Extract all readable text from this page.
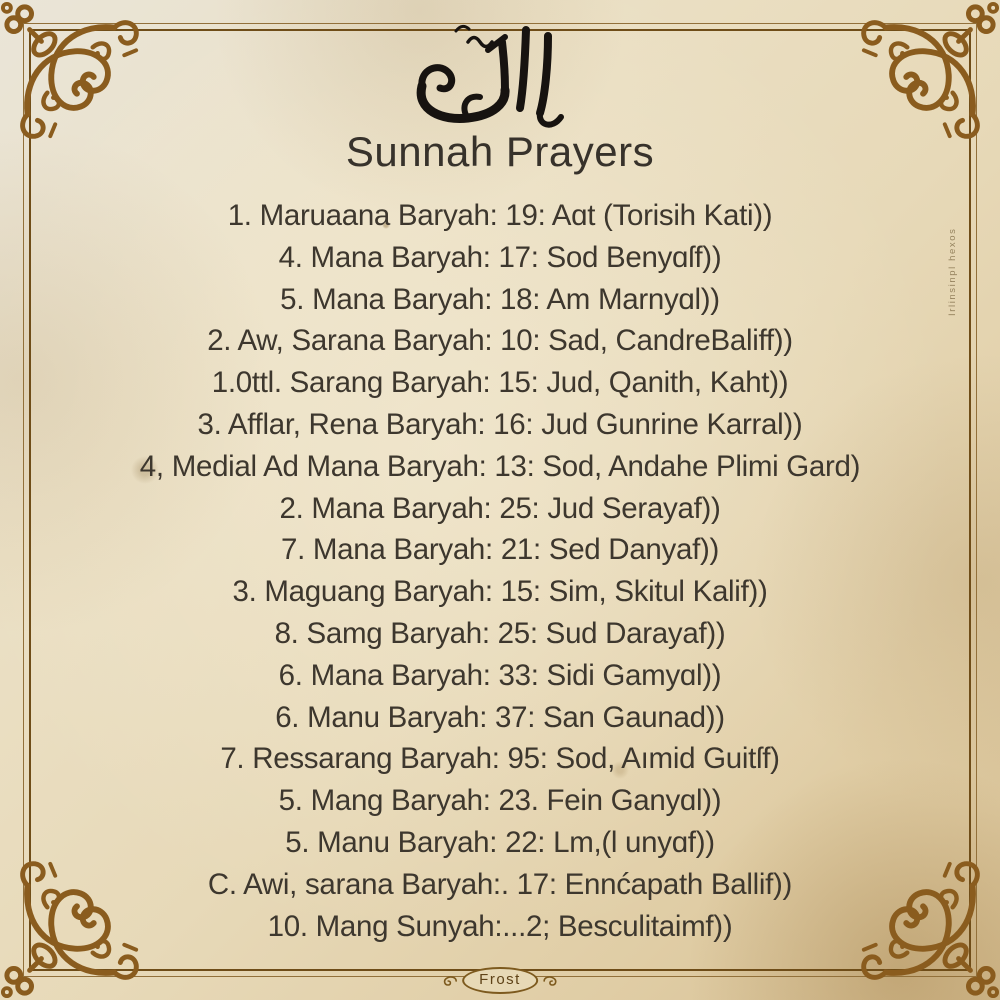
Sunnah Prayers
1. Maruaana Baryah: 19: Aɑt (Torisih Kati))
4. Mana Baryah: 17: Sod Benyɑſf))
5. Mana Baryah: 18: Am Marnyɑl))
2. Aw, Sarana Baryah: 10: Sad, CandreBaliff))
1.0ttl. Sarang Baryah: 15: Jud, Qanith, Kaht))
3. Afflar, Rena Baryah: 16: Jud Gunrine Karral))
4, Medial Ad Mana Baryah: 13: Sod, Andahe Plimi Gard)
2. Mana Baryah: 25: Jud Serayaf))
7. Mana Baryah: 21: Sed Danyaf))
3. Maguang Baryah: 15: Sim, Skitul Kalif))
8. Samg Baryah: 25: Sud Darayaf))
6. Mana Baryah: 33: Sidi Gamyɑl))
6. Manu Baryah: 37: San Gaunad))
7. Ressarang Baryah: 95: Sod, Aımid Guitſf)
5. Mang Baryah: 23. Fein Ganyɑl))
5. Manu Baryah: 22: Lm,(l unyɑf))
C. Awi, sarana Baryah:. 17: Ennćapath Ballif))
10. Mang Sunyah:...2; Besculitaimf))
Irlinsinpl hexos
Frost
